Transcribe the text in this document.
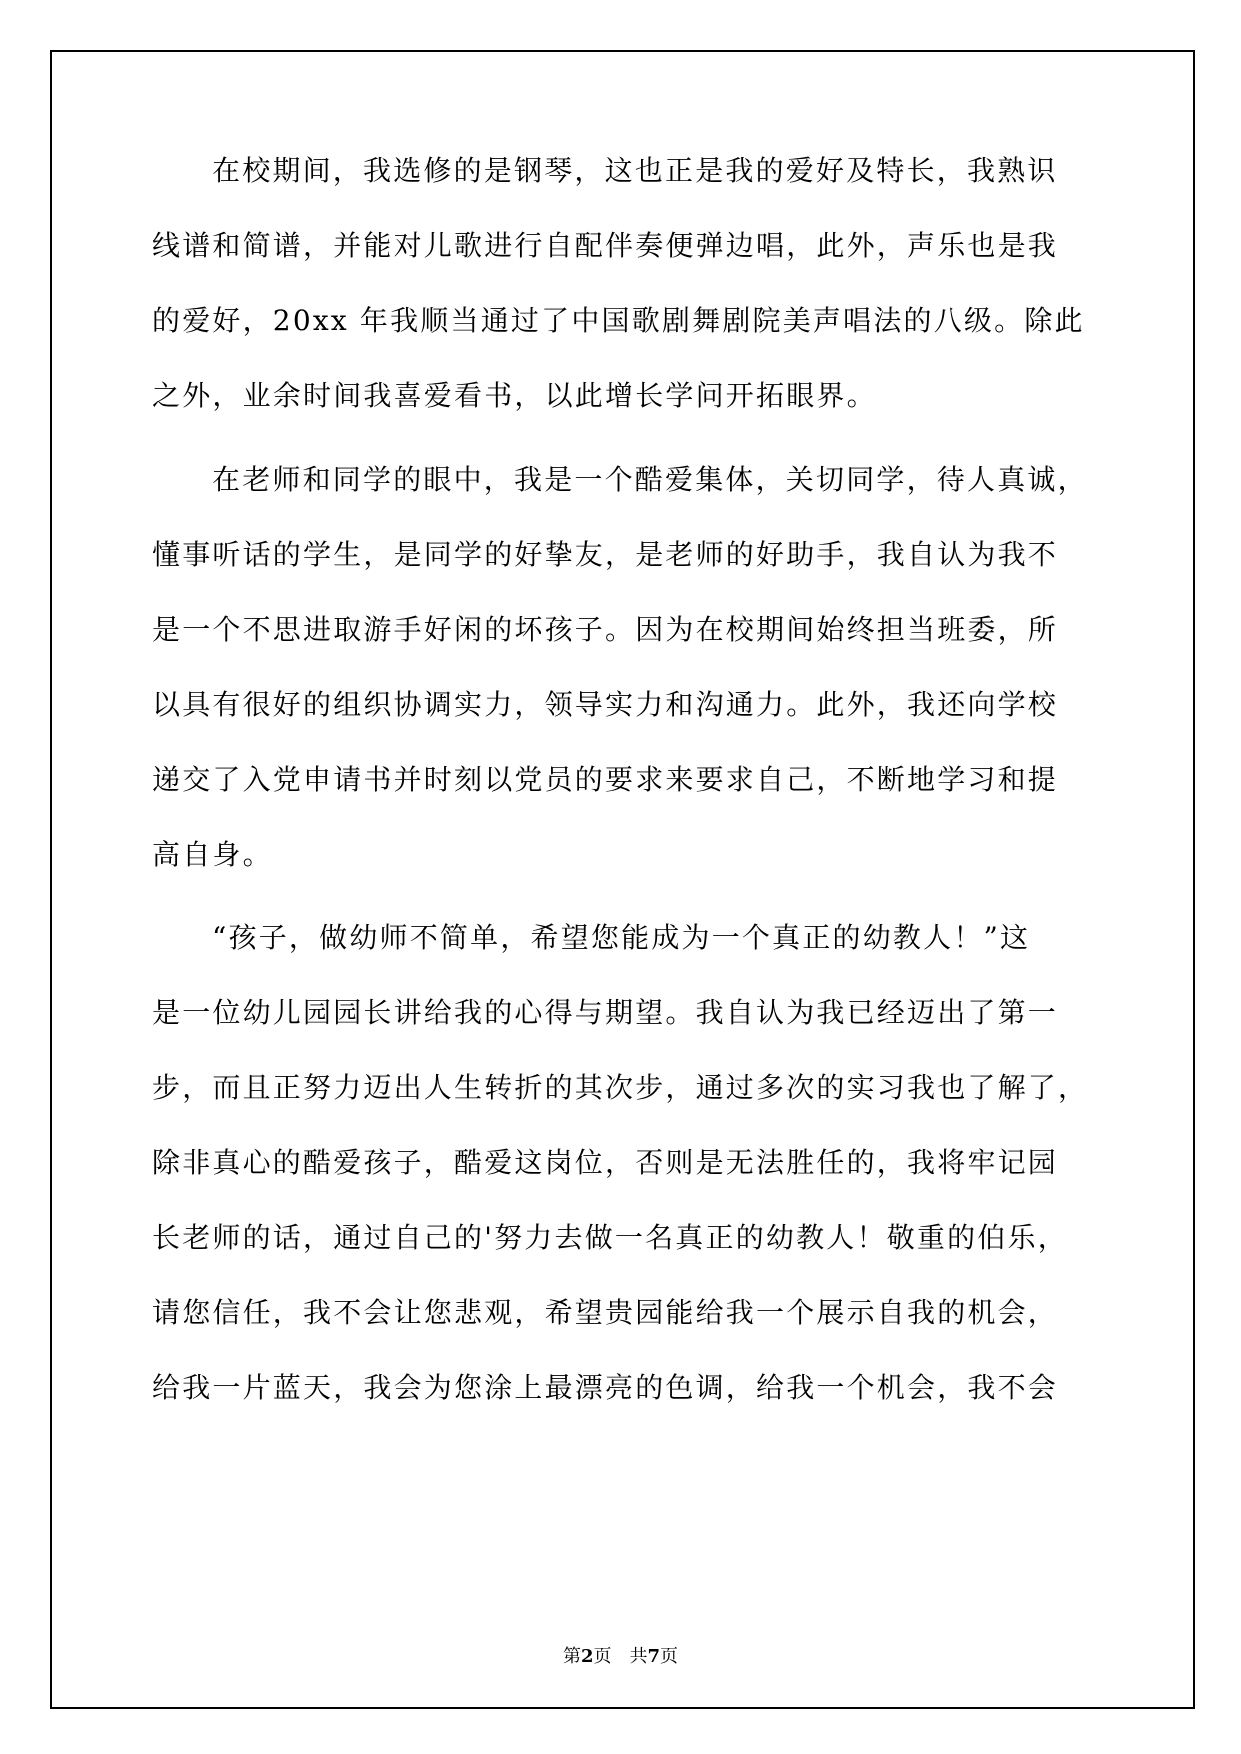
在校期间，我选修的是钢琴，这也正是我的爱好及特长，我熟识
线谱和简谱，并能对儿歌进行自配伴奏便弹边唱，此外，声乐也是我
的爱好，20xx 年我顺当通过了中国歌剧舞剧院美声唱法的八级。除此
之外，业余时间我喜爱看书，以此增长学问开拓眼界。
在老师和同学的眼中，我是一个酷爱集体，关切同学，待人真诚，
懂事听话的学生，是同学的好挚友，是老师的好助手，我自认为我不
是一个不思进取游手好闲的坏孩子。因为在校期间始终担当班委，所
以具有很好的组织协调实力，领导实力和沟通力。此外，我还向学校
递交了入党申请书并时刻以党员的要求来要求自己，不断地学习和提
高自身。
“孩子，做幼师不简单，希望您能成为一个真正的幼教人！”这
是一位幼儿园园长讲给我的心得与期望。我自认为我已经迈出了第一
步，而且正努力迈出人生转折的其次步，通过多次的实习我也了解了，
除非真心的酷爱孩子，酷爱这岗位，否则是无法胜任的，我将牢记园
长老师的话，通过自己的'努力去做一名真正的幼教人！敬重的伯乐，
请您信任，我不会让您悲观，希望贵园能给我一个展示自我的机会，
给我一片蓝天，我会为您涂上最漂亮的色调，给我一个机会，我不会
第2页　共7页
